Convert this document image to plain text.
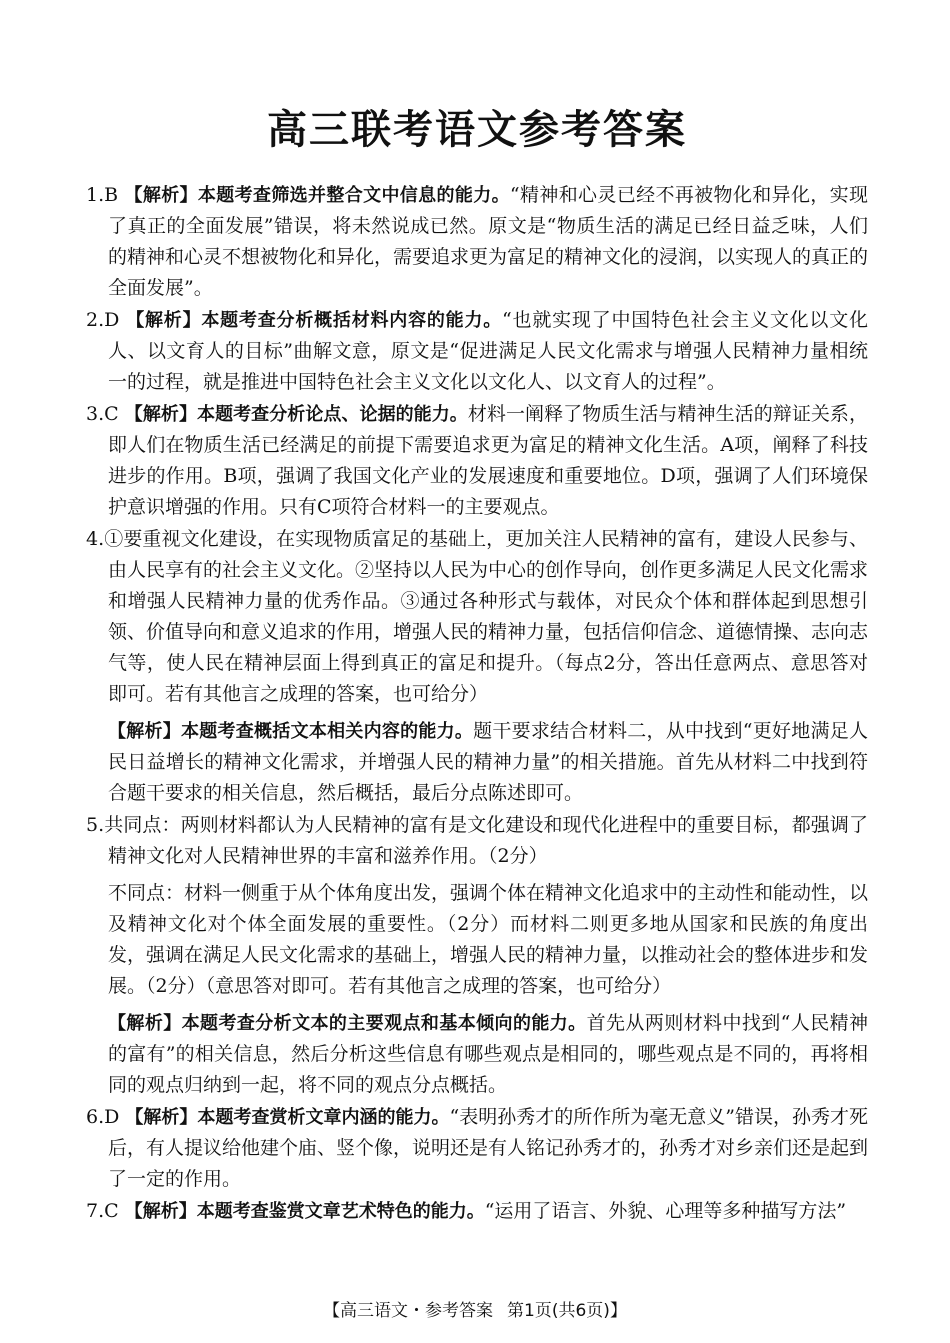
高三联考语文参考答案

1.B 【解析】本题考查筛选并整合文中信息的能力。“精神和心灵已经不再被物化和异化，实现了真正的全面发展”错误，将未然说成已然。原文是“物质生活的满足已经日益乏味，人们的精神和心灵不想被物化和异化，需要追求更为富足的精神文化的浸润，以实现人的真正的全面发展”。

2.D 【解析】本题考查分析概括材料内容的能力。“也就实现了中国特色社会主义文化以文化人、以文育人的目标”曲解文意，原文是“促进满足人民文化需求与增强人民精神力量相统一的过程，就是推进中国特色社会主义文化以文化人、以文育人的过程”。

3.C 【解析】本题考查分析论点、论据的能力。材料一阐释了物质生活与精神生活的辩证关系，即人们在物质生活已经满足的前提下需要追求更为富足的精神文化生活。A项，阐释了科技进步的作用。B项，强调了我国文化产业的发展速度和重要地位。D项，强调了人们环境保护意识增强的作用。只有C项符合材料一的主要观点。

4.①要重视文化建设，在实现物质富足的基础上，更加关注人民精神的富有，建设人民参与、由人民享有的社会主义文化。②坚持以人民为中心的创作导向，创作更多满足人民文化需求和增强人民精神力量的优秀作品。③通过各种形式与载体，对民众个体和群体起到思想引领、价值导向和意义追求的作用，增强人民的精神力量，包括信仰信念、道德情操、志向志气等，使人民在精神层面上得到真正的富足和提升。（每点2分，答出任意两点、意思答对即可。若有其他言之成理的答案，也可给分）

【解析】本题考查概括文本相关内容的能力。题干要求结合材料二，从中找到“更好地满足人民日益增长的精神文化需求，并增强人民的精神力量”的相关措施。首先从材料二中找到符合题干要求的相关信息，然后概括，最后分点陈述即可。

5.共同点：两则材料都认为人民精神的富有是文化建设和现代化进程中的重要目标，都强调了精神文化对人民精神世界的丰富和滋养作用。（2分）

不同点：材料一侧重于从个体角度出发，强调个体在精神文化追求中的主动性和能动性，以及精神文化对个体全面发展的重要性。（2分）而材料二则更多地从国家和民族的角度出发，强调在满足人民文化需求的基础上，增强人民的精神力量，以推动社会的整体进步和发展。（2分）（意思答对即可。若有其他言之成理的答案，也可给分）

【解析】本题考查分析文本的主要观点和基本倾向的能力。首先从两则材料中找到“人民精神的富有”的相关信息，然后分析这些信息有哪些观点是相同的，哪些观点是不同的，再将相同的观点归纳到一起，将不同的观点分点概括。

6.D 【解析】本题考查赏析文章内涵的能力。“表明孙秀才的所作所为毫无意义”错误，孙秀才死后，有人提议给他建个庙、竖个像，说明还是有人铭记孙秀才的，孙秀才对乡亲们还是起到了一定的作用。

7.C 【解析】本题考查鉴赏文章艺术特色的能力。“运用了语言、外貌、心理等多种描写方法”

【高三语文・参考答案 第1页(共6页)】
